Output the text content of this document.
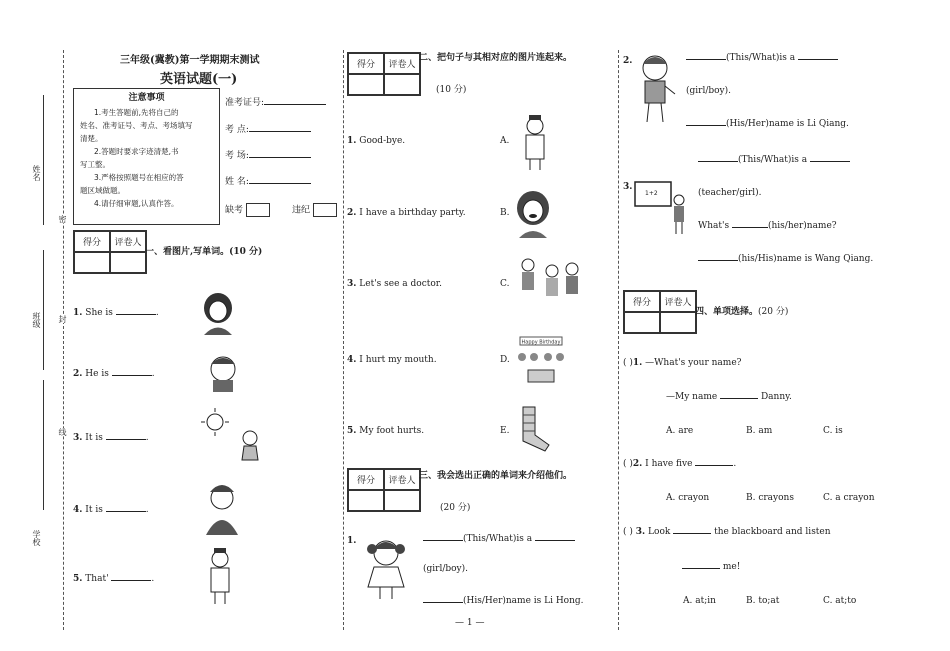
姓名
班级
学校
密
封
线
三年级(冀教)第一学期期末测试
英语试题(一)
注意事项
1.考生答题前,先将自己的
姓名、准考证号、考点、考场填写
清楚。
2.答题时要求字迹清楚,书
写工整。
3.严格按照题号在相应的答
题区域做题。
4.请仔细审题,认真作答。
准考证号:
考 点:
考 场:
姓 名:
缺考	违纪
得分	评卷人
一、看图片,写单词。(10 分)
1. She is	.
2. He is	.
3. It is	.
4. It is	.
5. That'	.
得分	评卷人
二、把句子与其相对应的图片连起来。
(10 分)
1. Good-bye.	A.
2. I have a birthday party.	B.
3. Let's see a doctor.	C.
4. I hurt my mouth.	D.
5. My foot hurts.	E.
Happy Birthday
得分	评卷人 三、我会选出正确的单词来介绍他们。
(20 分)
1.	(This/What)is a
(girl/boy).
(His/Her)name is Li Hong.
2.	(This/What)is a
(girl/boy).
(His/Her)name is Li Qiang.
(This/What)is a
3.
1+2	(teacher/girl).
What's	(his/her)name?
(his/His)name is Wang Qiang.
得分	评卷人
四、单项选择。(20 分)
( )1. —What's your name?
—My name	Danny.
A. are	B. am	C. is
( )2. I have five	.
A. crayon	B. crayons	C. a crayon
( ) 3. Look	the blackboard and listen
me!
A. at;in	B. to;at	C. at;to
— 1 —
